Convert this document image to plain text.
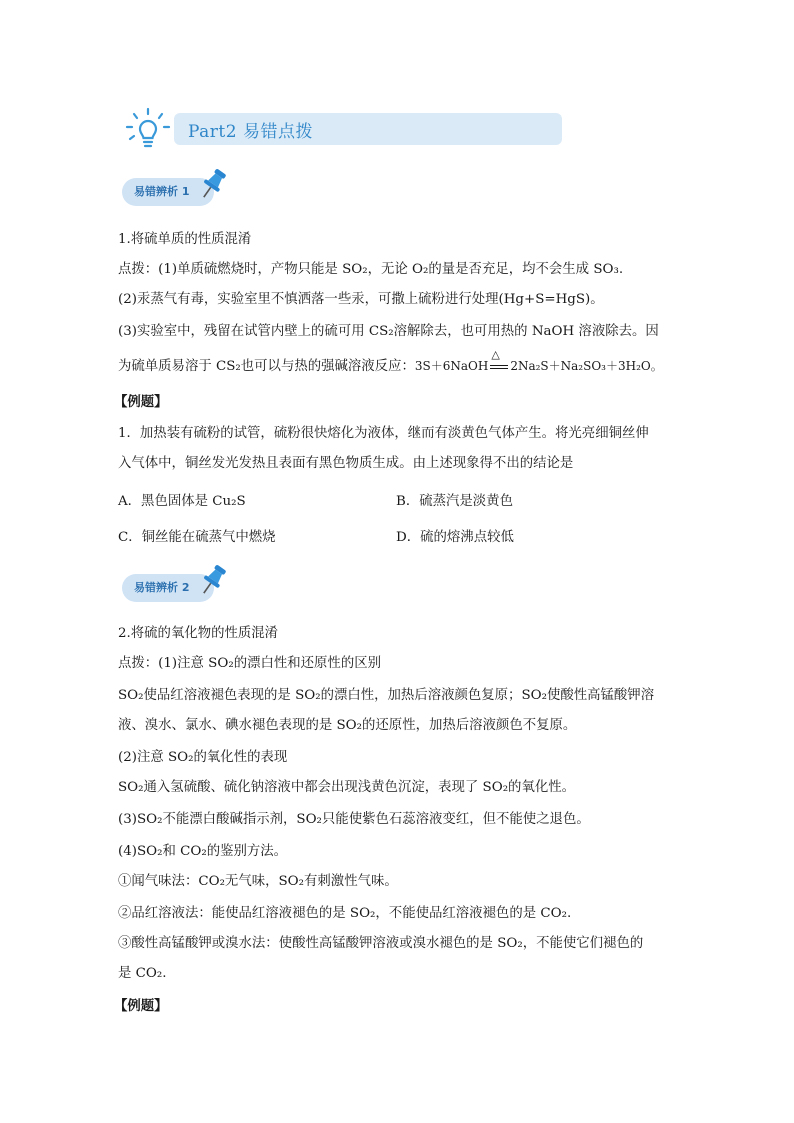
Part2 易错点拨
易错辨析 1
1.将硫单质的性质混淆
点拨：(1)单质硫燃烧时，产物只能是 SO₂，无论 O₂的量是否充足，均不会生成 SO₃.
(2)汞蒸气有毒，实验室里不慎洒落一些汞，可撒上硫粉进行处理(Hg+S=HgS)。
(3)实验室中，残留在试管内壁上的硫可用 CS₂溶解除去，也可用热的 NaOH 溶液除去。因
为硫单质易溶于 CS₂也可以与热的强碱溶液反应：3S＋6NaOH
△
2Na₂S＋Na₂SO₃＋3H₂O。
【例题】
1．加热装有硫粉的试管，硫粉很快熔化为液体，继而有淡黄色气体产生。将光亮细铜丝伸
入气体中，铜丝发光发热且表面有黑色物质生成。由上述现象得不出的结论是
A．黑色固体是 Cu₂S	B．硫蒸汽是淡黄色
C．铜丝能在硫蒸气中燃烧	D．硫的熔沸点较低
易错辨析 2
2.将硫的氧化物的性质混淆
点拨：(1)注意 SO₂的漂白性和还原性的区别
SO₂使品红溶液褪色表现的是 SO₂的漂白性，加热后溶液颜色复原；SO₂使酸性高锰酸钾溶
液、溴水、氯水、碘水褪色表现的是 SO₂的还原性，加热后溶液颜色不复原。
(2)注意 SO₂的氧化性的表现
SO₂通入氢硫酸、硫化钠溶液中都会出现浅黄色沉淀，表现了 SO₂的氧化性。
(3)SO₂不能漂白酸碱指示剂，SO₂只能使紫色石蕊溶液变红，但不能使之退色。
(4)SO₂和 CO₂的鉴别方法。
①闻气味法：CO₂无气味，SO₂有刺激性气味。
②品红溶液法：能使品红溶液褪色的是 SO₂，不能使品红溶液褪色的是 CO₂.
③酸性高锰酸钾或溴水法：使酸性高锰酸钾溶液或溴水褪色的是 SO₂，不能使它们褪色的
是 CO₂.
【例题】
